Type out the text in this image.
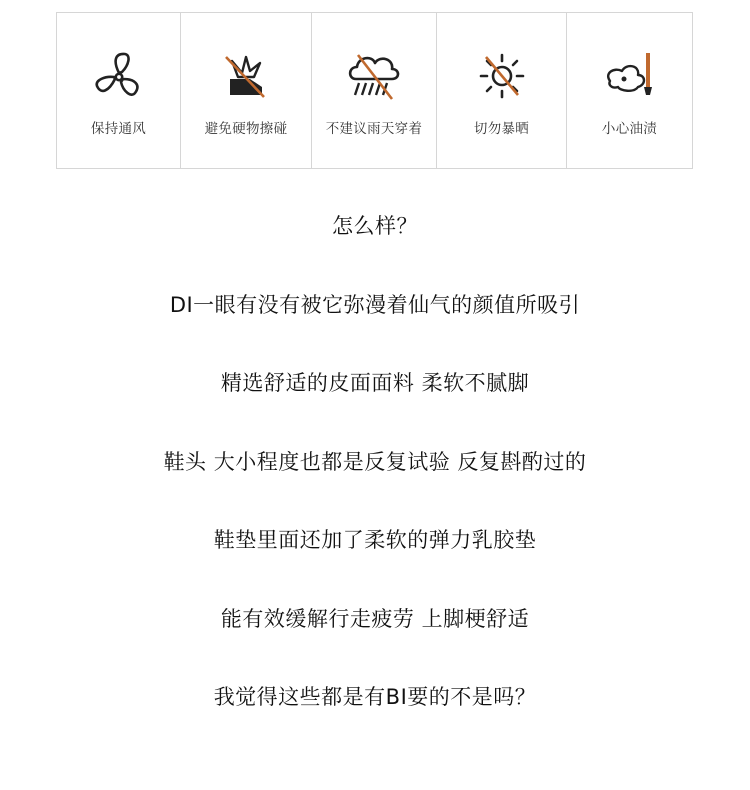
保持通风	避免硬物擦碰	不建议雨天穿着	切勿暴晒	小心油渍
怎么样？
DI一眼有没有被它弥漫着仙气的颜值所吸引
精选舒适的皮面面料 柔软不腻脚
鞋头 大小程度也都是反复试验 反复斟酌过的
鞋垫里面还加了柔软的弹力乳胶垫
能有效缓解行走疲劳 上脚梗舒适
我觉得这些都是有BI要的不是吗？
